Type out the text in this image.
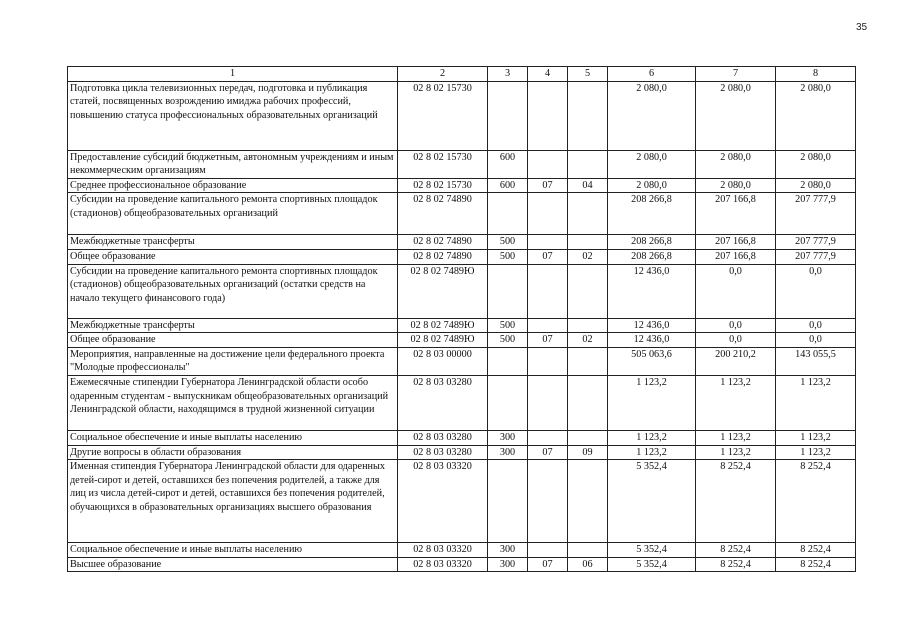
35
1	2	3	4	5	6	7	8
Подготовка цикла телевизионных передач, подготовка и публикация статей, посвященных возрождению имиджа рабочих профессий, повышению статуса профессиональных образовательных организаций	02 8 02 15730				2 080,0	2 080,0	2 080,0
Предоставление субсидий бюджетным, автономным учреждениям и иным некоммерческим организациям	02 8 02 15730	600			2 080,0	2 080,0	2 080,0
Среднее профессиональное образование	02 8 02 15730	600	07	04	2 080,0	2 080,0	2 080,0
Субсидии на проведение капитального ремонта спортивных площадок (стадионов) общеобразовательных организаций	02 8 02 74890				208 266,8	207 166,8	207 777,9
Межбюджетные трансферты	02 8 02 74890	500			208 266,8	207 166,8	207 777,9
Общее образование	02 8 02 74890	500	07	02	208 266,8	207 166,8	207 777,9
Субсидии на проведение капитального ремонта спортивных площадок (стадионов) общеобразовательных организаций (остатки средств на начало текущего финансового года)	02 8 02 7489Ю				12 436,0	0,0	0,0
Межбюджетные трансферты	02 8 02 7489Ю	500			12 436,0	0,0	0,0
Общее образование	02 8 02 7489Ю	500	07	02	12 436,0	0,0	0,0
Мероприятия, направленные на достижение цели федерального проекта "Молодые профессионалы"	02 8 03 00000				505 063,6	200 210,2	143 055,5
Ежемесячные стипендии Губернатора Ленинградской области особо одаренным студентам - выпускникам общеобразовательных организаций Ленинградской области, находящимся в трудной жизненной ситуации	02 8 03 03280				1 123,2	1 123,2	1 123,2
Социальное обеспечение и иные выплаты населению	02 8 03 03280	300			1 123,2	1 123,2	1 123,2
Другие вопросы в области образования	02 8 03 03280	300	07	09	1 123,2	1 123,2	1 123,2
Именная стипендия Губернатора Ленинградской области для одаренных детей-сирот и детей, оставшихся без попечения родителей, а также для лиц из числа детей-сирот и детей, оставшихся без попечения родителей, обучающихся в образовательных организациях высшего образования	02 8 03 03320				5 352,4	8 252,4	8 252,4
Социальное обеспечение и иные выплаты населению	02 8 03 03320	300			5 352,4	8 252,4	8 252,4
Высшее образование	02 8 03 03320	300	07	06	5 352,4	8 252,4	8 252,4
